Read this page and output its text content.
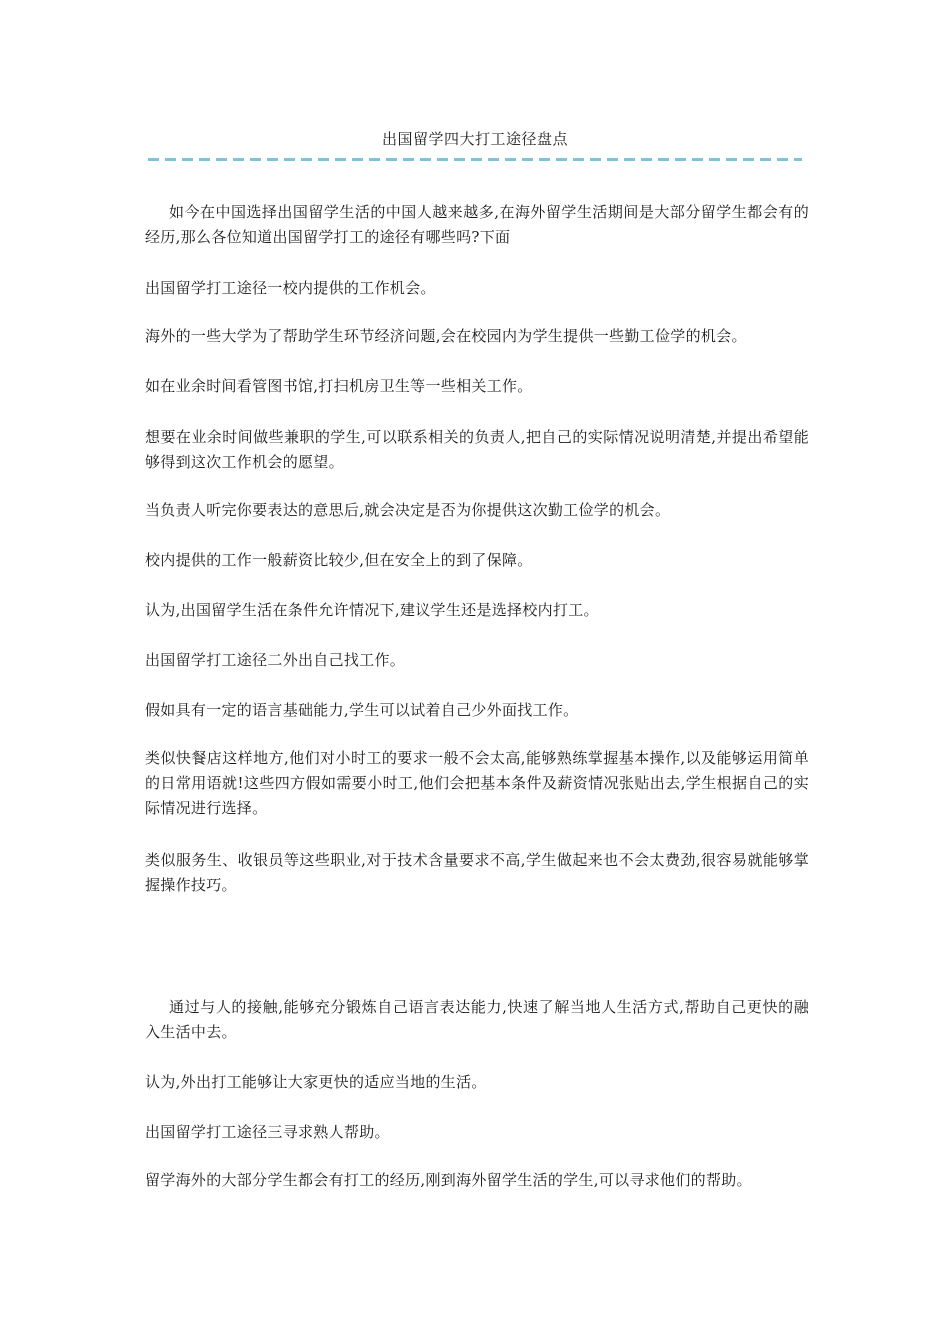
出国留学四大打工途径盘点

如今在中国选择出国留学生活的中国人越来越多,在海外留学生活期间是大部分留学生都会有的经历,那么各位知道出国留学打工的途径有哪些吗?下面

出国留学打工途径一校内提供的工作机会。

海外的一些大学为了帮助学生环节经济问题,会在校园内为学生提供一些勤工俭学的机会。

如在业余时间看管图书馆,打扫机房卫生等一些相关工作。

想要在业余时间做些兼职的学生,可以联系相关的负责人,把自己的实际情况说明清楚,并提出希望能够得到这次工作机会的愿望。

当负责人听完你要表达的意思后,就会决定是否为你提供这次勤工俭学的机会。

校内提供的工作一般薪资比较少,但在安全上的到了保障。

认为,出国留学生活在条件允许情况下,建议学生还是选择校内打工。

出国留学打工途径二外出自己找工作。

假如具有一定的语言基础能力,学生可以试着自己少外面找工作。

类似快餐店这样地方,他们对小时工的要求一般不会太高,能够熟练掌握基本操作,以及能够运用简单的日常用语就!这些四方假如需要小时工,他们会把基本条件及薪资情况张贴出去,学生根据自己的实际情况进行选择。

类似服务生、收银员等这些职业,对于技术含量要求不高,学生做起来也不会太费劲,很容易就能够掌握操作技巧。

通过与人的接触,能够充分锻炼自己语言表达能力,快速了解当地人生活方式,帮助自己更快的融入生活中去。

认为,外出打工能够让大家更快的适应当地的生活。

出国留学打工途径三寻求熟人帮助。

留学海外的大部分学生都会有打工的经历,刚到海外留学生活的学生,可以寻求他们的帮助。
